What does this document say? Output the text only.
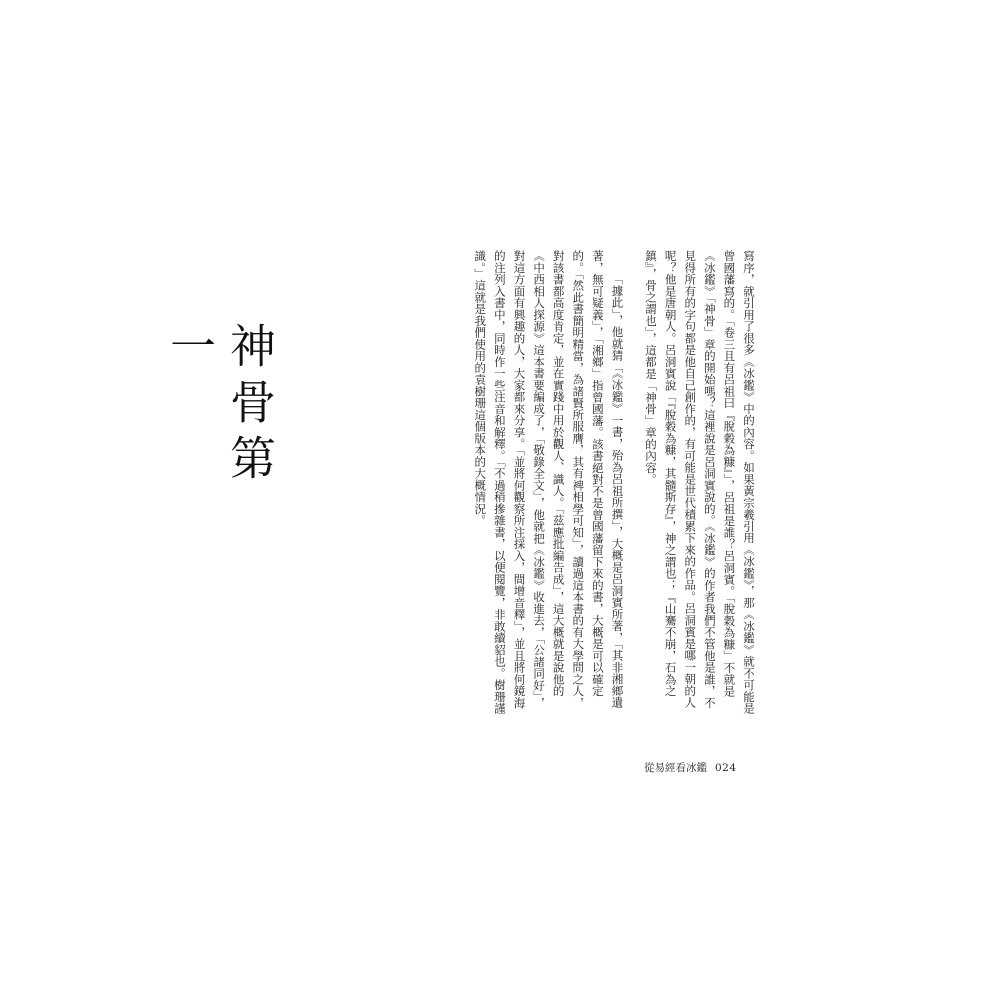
神骨第一	寫序，就引用了很多《冰鑑》中的內容。如果黃宗羲引用《冰鑑》，那《冰鑑》就不可能是曾國藩寫的。「卷三且有呂祖曰『脫穀為糠』」，呂祖是誰？呂洞賓。「脫穀為糠」不就是《冰鑑》「神骨」章的開始嗎？這裡說是呂洞賓說的。《冰鑑》的作者我們不管他是誰，不見得所有的字句都是他自己創作的，有可能是世代積累下來的作品。呂洞賓是哪一朝的人呢？他是唐朝人。呂洞賓說「『脫穀為糠，其髓斯存』，神之謂也；『山騫不崩，石為之鎮』，骨之謂也」，這都是「神骨」章的內容。

「據此」，他就猜「《冰鑑》一書，殆為呂祖所撰」，大概是呂洞賓所著，「其非湘鄉遺著，無可疑義」，「湘鄉」指曾國藩。該書絕對不是曾國藩留下來的書，大概是可以確定的。「然此書簡明精當，為諸賢所服膺，其有裨相學可知」，讀過這本書的有大學問之人，對該書都高度肯定，並在實踐中用於觀人、識人。「茲應批編告成」，這大概就是說他的《中西相人探源》這本書要編成了，「敬錄全文」，他就把《冰鑑》收進去，「公諸同好」，對這方面有興趣的人，大家都來分享。「並將何觀察所注採入，間增音釋」，並且將何鏡海的注列入書中，同時作一些注音和解釋。「不過稍摻雜書，以便閱覽，非敢續貂也。樹珊謹識。」這就是我們使用的袁樹珊這個版本的大概情況。

從易經看冰鑑 024
